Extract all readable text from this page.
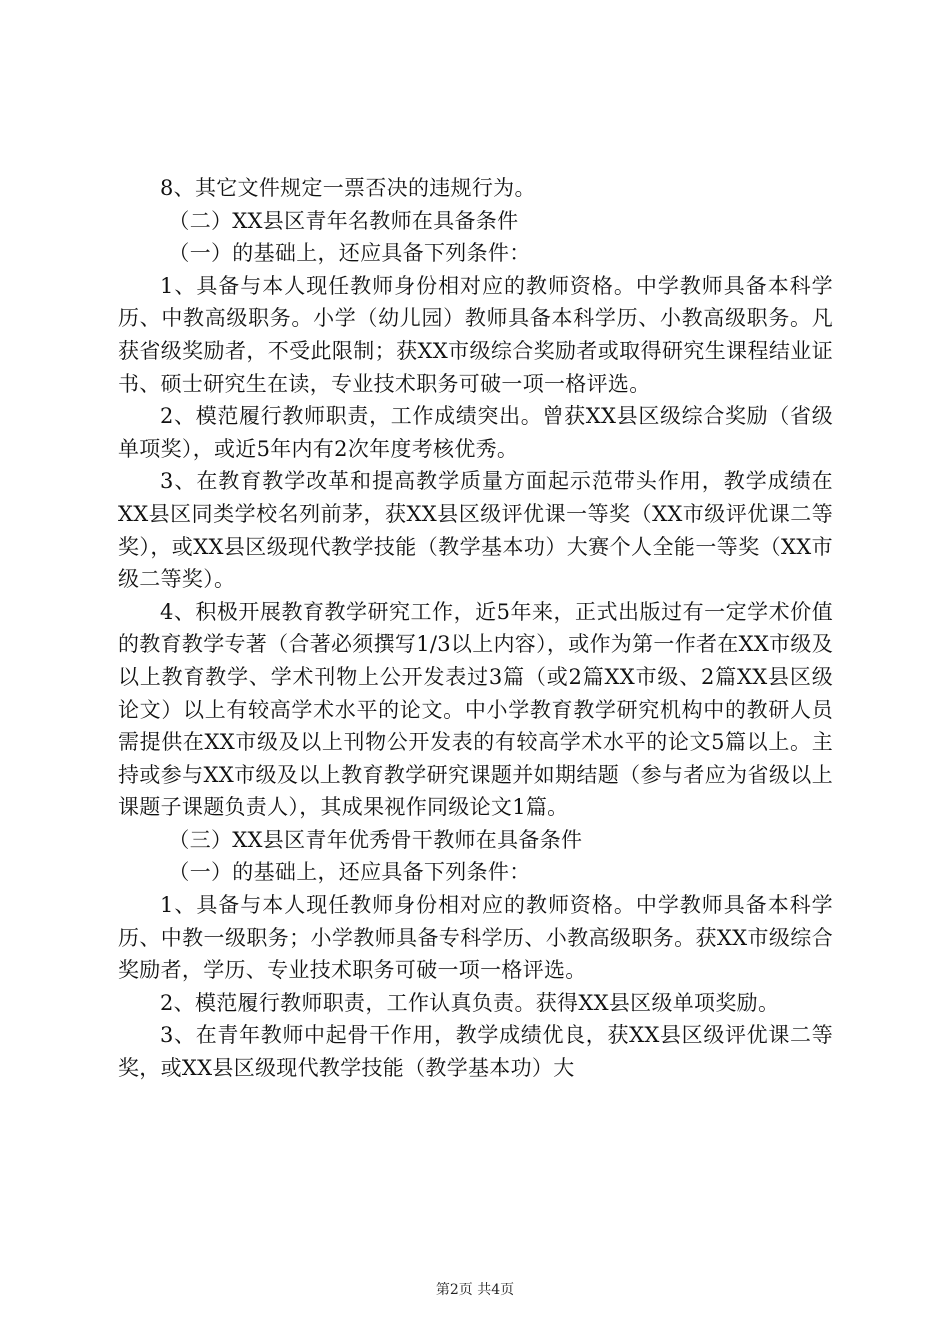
8、其它文件规定一票否决的违规行为。

（二）XX县区青年名教师在具备条件

（一）的基础上，还应具备下列条件：

1、具备与本人现任教师身份相对应的教师资格。中学教师具备本科学历、中教高级职务。小学（幼儿园）教师具备本科学历、小教高级职务。凡获省级奖励者，不受此限制；获XX市级综合奖励者或取得研究生课程结业证书、硕士研究生在读，专业技术职务可破一项一格评选。

2、模范履行教师职责，工作成绩突出。曾获XX县区级综合奖励（省级单项奖），或近5年内有2次年度考核优秀。

3、在教育教学改革和提高教学质量方面起示范带头作用，教学成绩在XX县区同类学校名列前茅，获XX县区级评优课一等奖（XX市级评优课二等奖），或XX县区级现代教学技能（教学基本功）大赛个人全能一等奖（XX市级二等奖）。

4、积极开展教育教学研究工作，近5年来，正式出版过有一定学术价值的教育教学专著（合著必须撰写1/3以上内容），或作为第一作者在XX市级及以上教育教学、学术刊物上公开发表过3篇（或2篇XX市级、2篇XX县区级论文）以上有较高学术水平的论文。中小学教育教学研究机构中的教研人员需提供在XX市级及以上刊物公开发表的有较高学术水平的论文5篇以上。主持或参与XX市级及以上教育教学研究课题并如期结题（参与者应为省级以上课题子课题负责人），其成果视作同级论文1篇。

（三）XX县区青年优秀骨干教师在具备条件

（一）的基础上，还应具备下列条件：

1、具备与本人现任教师身份相对应的教师资格。中学教师具备本科学历、中教一级职务；小学教师具备专科学历、小教高级职务。获XX市级综合奖励者，学历、专业技术职务可破一项一格评选。

2、模范履行教师职责，工作认真负责。获得XX县区级单项奖励。

3、在青年教师中起骨干作用，教学成绩优良，获XX县区级评优课二等奖，或XX县区级现代教学技能（教学基本功）大

第2页 共4页
